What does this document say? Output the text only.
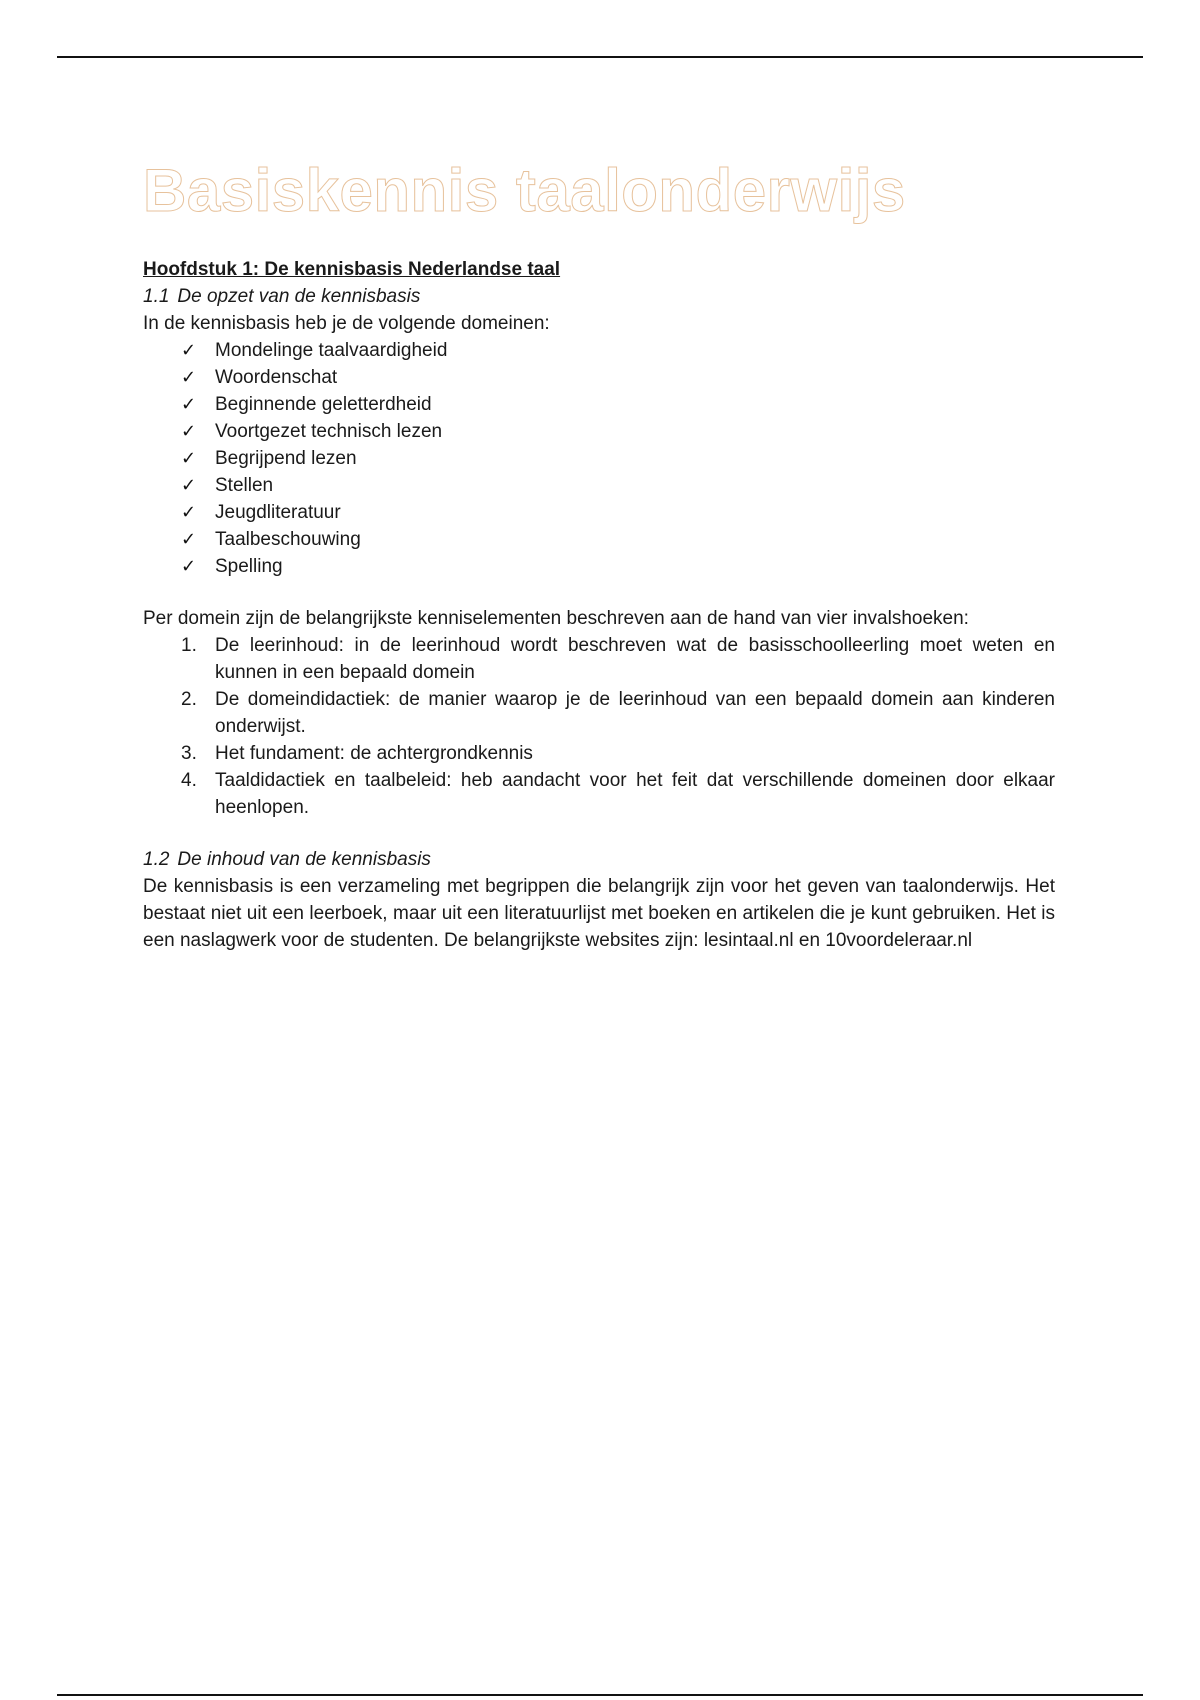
Basiskennis taalonderwijs
Hoofdstuk 1: De kennisbasis Nederlandse taal
1.1 De opzet van de kennisbasis
In de kennisbasis heb je de volgende domeinen:
✓ Mondelinge taalvaardigheid
✓ Woordenschat
✓ Beginnende geletterdheid
✓ Voortgezet technisch lezen
✓ Begrijpend lezen
✓ Stellen
✓ Jeugdliteratuur
✓ Taalbeschouwing
✓ Spelling
Per domein zijn de belangrijkste kenniselementen beschreven aan de hand van vier invalshoeken:
1. De leerinhoud: in de leerinhoud wordt beschreven wat de basisschoolleerling moet weten en kunnen in een bepaald domein
2. De domeindidactiek: de manier waarop je de leerinhoud van een bepaald domein aan kinderen onderwijst.
3. Het fundament: de achtergrondkennis
4. Taaldidactiek en taalbeleid: heb aandacht voor het feit dat verschillende domeinen door elkaar heenlopen.
1.2 De inhoud van de kennisbasis
De kennisbasis is een verzameling met begrippen die belangrijk zijn voor het geven van taalonderwijs. Het bestaat niet uit een leerboek, maar uit een literatuurlijst met boeken en artikelen die je kunt gebruiken. Het is een naslagwerk voor de studenten. De belangrijkste websites zijn: lesintaal.nl en 10voordeleraar.nl
